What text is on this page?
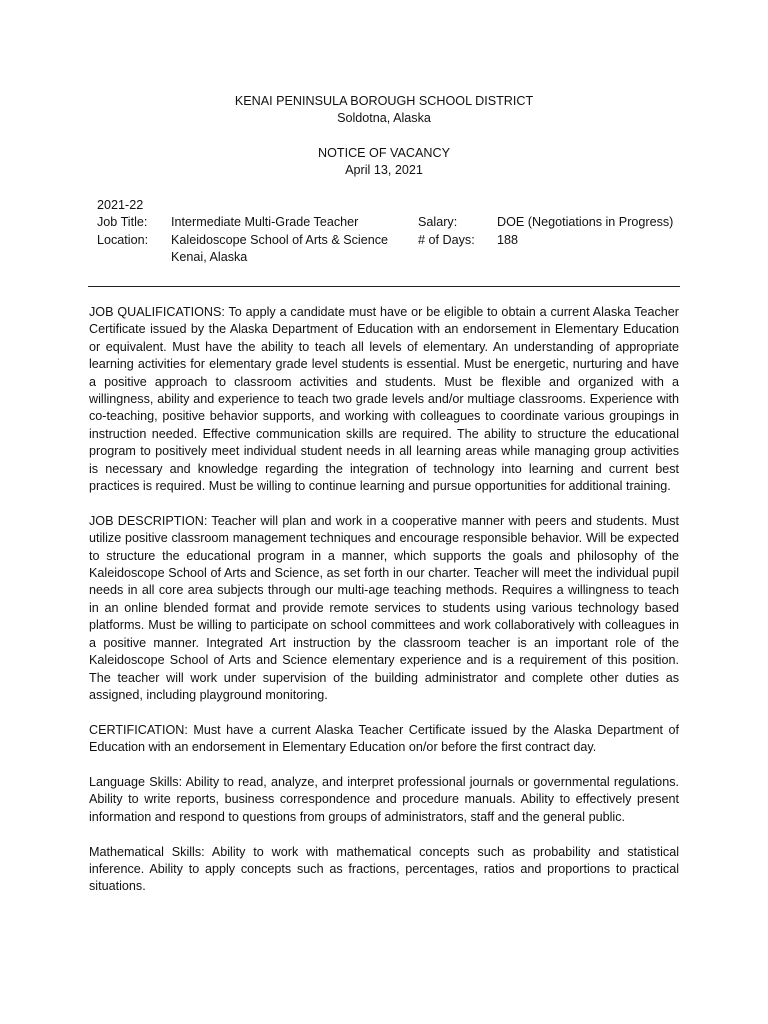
KENAI PENINSULA BOROUGH SCHOOL DISTRICT
Soldotna, Alaska
NOTICE OF VACANCY
April 13, 2021
2021-22
Job Title: Intermediate Multi-Grade Teacher	Salary:	DOE (Negotiations in Progress)
Location: Kaleidoscope School of Arts & Science # of Days: 188
Kenai, Alaska

JOB QUALIFICATIONS: To apply a candidate must have or be eligible to obtain a current Alaska Teacher Certificate issued by the Alaska Department of Education with an endorsement in Elementary Education or equivalent. Must have the ability to teach all levels of elementary. An understanding of appropriate learning activities for elementary grade level students is essential. Must be energetic, nurturing and have a positive approach to classroom activities and students. Must be flexible and organized with a willingness, ability and experience to teach two grade levels and/or multiage classrooms. Experience with co-teaching, positive behavior supports, and working with colleagues to coordinate various groupings in instruction needed. Effective communication skills are required. The ability to structure the educational program to positively meet individual student needs in all learning areas while managing group activities is necessary and knowledge regarding the integration of technology into learning and current best practices is required. Must be willing to continue learning and pursue opportunities for additional training.

JOB DESCRIPTION: Teacher will plan and work in a cooperative manner with peers and students. Must utilize positive classroom management techniques and encourage responsible behavior. Will be expected to structure the educational program in a manner, which supports the goals and philosophy of the Kaleidoscope School of Arts and Science, as set forth in our charter. Teacher will meet the individual pupil needs in all core area subjects through our multi-age teaching methods. Requires a willingness to teach in an online blended format and provide remote services to students using various technology based platforms. Must be willing to participate on school committees and work collaboratively with colleagues in a positive manner. Integrated Art instruction by the classroom teacher is an important role of the Kaleidoscope School of Arts and Science elementary experience and is a requirement of this position. The teacher will work under supervision of the building administrator and complete other duties as assigned, including playground monitoring.

CERTIFICATION: Must have a current Alaska Teacher Certificate issued by the Alaska Department of Education with an endorsement in Elementary Education on/or before the first contract day.

Language Skills: Ability to read, analyze, and interpret professional journals or governmental regulations. Ability to write reports, business correspondence and procedure manuals. Ability to effectively present information and respond to questions from groups of administrators, staff and the general public.

Mathematical Skills: Ability to work with mathematical concepts such as probability and statistical inference. Ability to apply concepts such as fractions, percentages, ratios and proportions to practical situations.
